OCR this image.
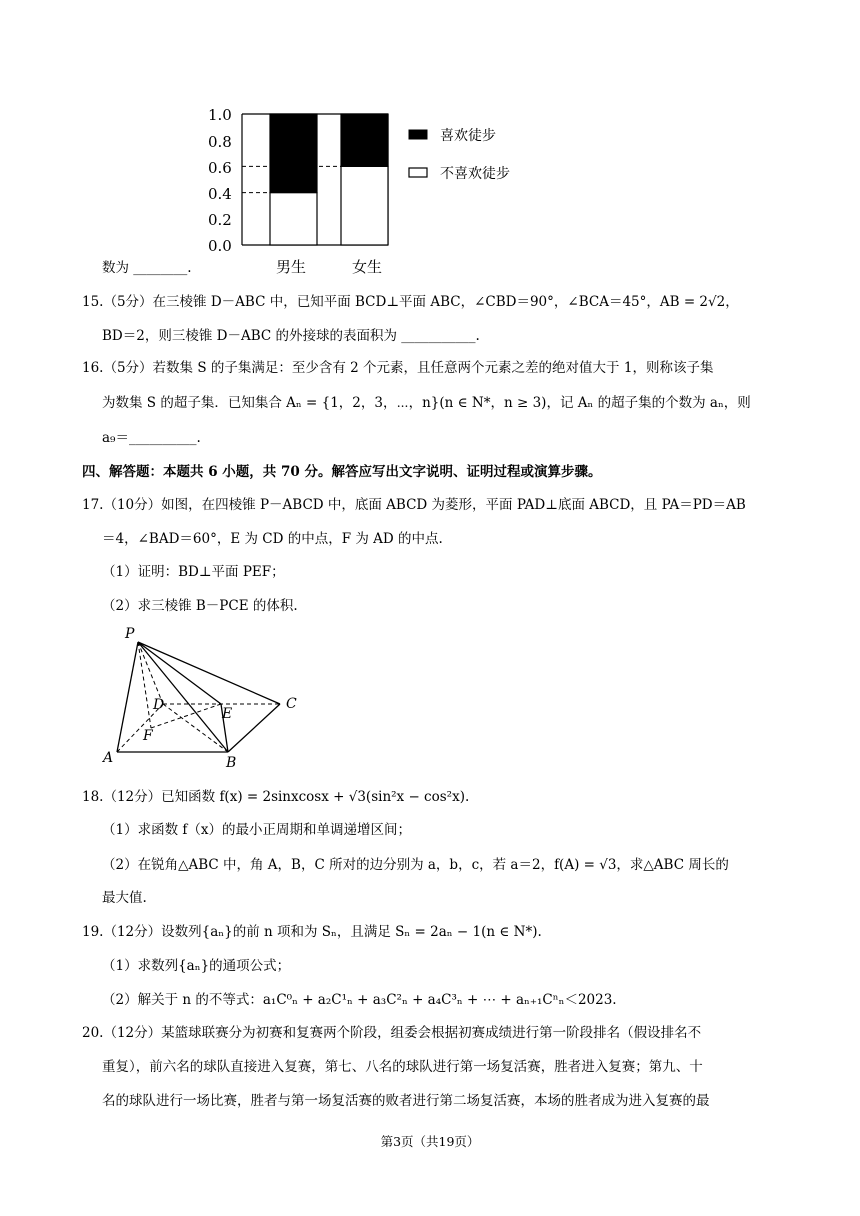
1.0
0.8
0.6
0.4
0.2
0.0
男生	女生
喜欢徒步
不喜欢徒步
数为 ________.
15.（5分）在三棱锥 D－ABC 中，已知平面 BCD⊥平面 ABC，∠CBD＝90°，∠BCA＝45°，AB = 2√2，
BD＝2，则三棱锥 D－ABC 的外接球的表面积为 ___________.
16.（5分）若数集 S 的子集满足：至少含有 2 个元素，且任意两个元素之差的绝对值大于 1，则称该子集
为数集 S 的超子集．已知集合 Aₙ = {1，2，3，⋯，n}(n ∈ N*，n ≥ 3)，记 Aₙ 的超子集的个数为 aₙ，则
a₉＝__________.
四、解答题：本题共 6 小题，共 70 分。解答应写出文字说明、证明过程或演算步骤。
17.（10分）如图，在四棱锥 P－ABCD 中，底面 ABCD 为菱形，平面 PAD⊥底面 ABCD，且 PA＝PD＝AB
＝4，∠BAD＝60°，E 为 CD 的中点，F 为 AD 的中点.
（1）证明：BD⊥平面 PEF；
（2）求三棱锥 B－PCE 的体积.
P
D
E
F
A	B
C
18.（12分）已知函数 f(x) = 2sinxcosx + √3(sin²x − cos²x).
（1）求函数 f（x）的最小正周期和单调递增区间；
（2）在锐角△ABC 中，角 A，B，C 所对的边分别为 a，b，c，若 a＝2，f(A) = √3，求△ABC 周长的
最大值.
19.（12分）设数列{aₙ}的前 n 项和为 Sₙ，且满足 Sₙ = 2aₙ − 1(n ∈ N*).
（1）求数列{aₙ}的通项公式；
（2）解关于 n 的不等式：a₁C⁰ₙ + a₂C¹ₙ + a₃C²ₙ + a₄C³ₙ + ⋯ + aₙ₊₁Cⁿₙ＜2023.
20.（12分）某篮球联赛分为初赛和复赛两个阶段，组委会根据初赛成绩进行第一阶段排名（假设排名不
重复），前六名的球队直接进入复赛，第七、八名的球队进行第一场复活赛，胜者进入复赛；第九、十
名的球队进行一场比赛，胜者与第一场复活赛的败者进行第二场复活赛，本场的胜者成为进入复赛的最
第3页（共19页）
